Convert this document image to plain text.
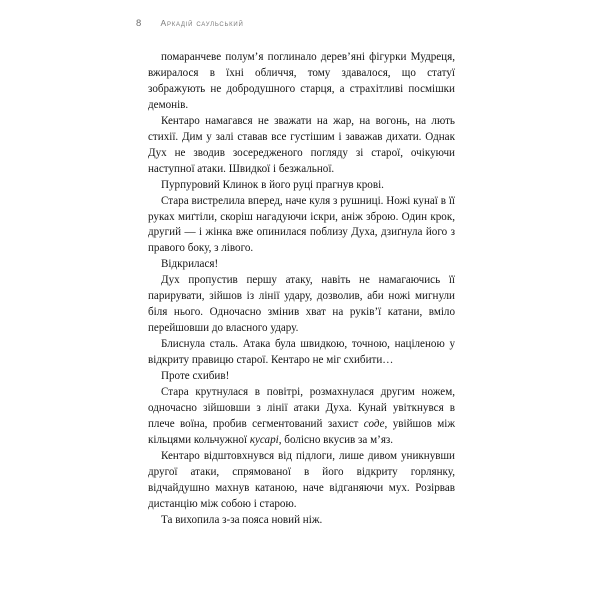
8 аркадій саульський

помаранчеве полум’я поглинало дерев’яні фігурки Мудреця, вжиралося в їхні обличчя, тому здавалося, що статуї зображують не добродушного старця, а страхітливі посмішки демонів.

Кентаро намагався не зважати на жар, на вогонь, на лють стихії. Дим у залі ставав все густішим і заважав дихати. Однак Дух не зводив зосередженого погляду зі старої, очікуючи наступної атаки. Швидкої і безжальної.

Пурпуровий Клинок в його руці прагнув крові.

Стара вистрелила вперед, наче куля з рушниці. Ножі кунаї в її руках миґтіли, скоріш нагадуючи іскри, аніж зброю. Один крок, другий — і жінка вже опинилася поблизу Духа, дзиґнула його з правого боку, з лівого.

Відкрилася!

Дух пропустив першу атаку, навіть не намагаючись її парирувати, зійшов із лінії удару, дозволив, аби ножі мигнули біля нього. Одночасно змінив хват на руків’ї катани, вміло перейшовши до власного удару.

Блиснула сталь. Атака була швидкою, точною, націленою у відкриту правицю старої. Кентаро не міг схибити…

Проте схибив!

Стара крутнулася в повітрі, розмахнулася другим ножем, одночасно зійшовши з лінії атаки Духа. Кунай увіткнувся в плече воїна, пробив сегментований захист соде, увійшов між кільцями кольчужної кусарі, болісно вкусив за м’яз.

Кентаро відштовхнувся від підлоги, лише дивом уникнувши другої атаки, спрямованої в його відкриту горлянку, відчайдушно махнув катаною, наче відганяючи мух. Розірвав дистанцію між собою і старою.

Та вихопила з-за пояса новий ніж.
